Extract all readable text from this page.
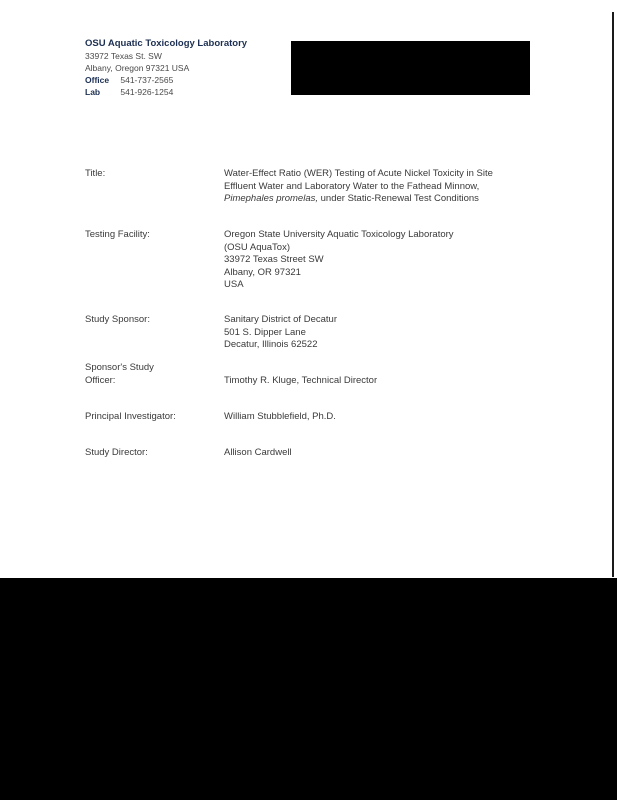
OSU Aquatic Toxicology Laboratory
33972 Texas St. SW
Albany, Oregon 97321 USA
Office 541-737-2565
Lab 541-926-1254
Title:	Water-Effect Ratio (WER) Testing of Acute Nickel Toxicity in Site
Effluent Water and Laboratory Water to the Fathead Minnow,
Pimephales promelas, under Static-Renewal Test Conditions
Testing Facility:	Oregon State University Aquatic Toxicology Laboratory
(OSU AquaTox)
33972 Texas Street SW
Albany, OR 97321
USA
Study Sponsor:	Sanitary District of Decatur
501 S. Dipper Lane
Decatur, Illinois 62522
Sponsor's Study
Officer:	Timothy R. Kluge, Technical Director
Principal Investigator:	William Stubblefield, Ph.D.
Study Director:	Allison Cardwell
